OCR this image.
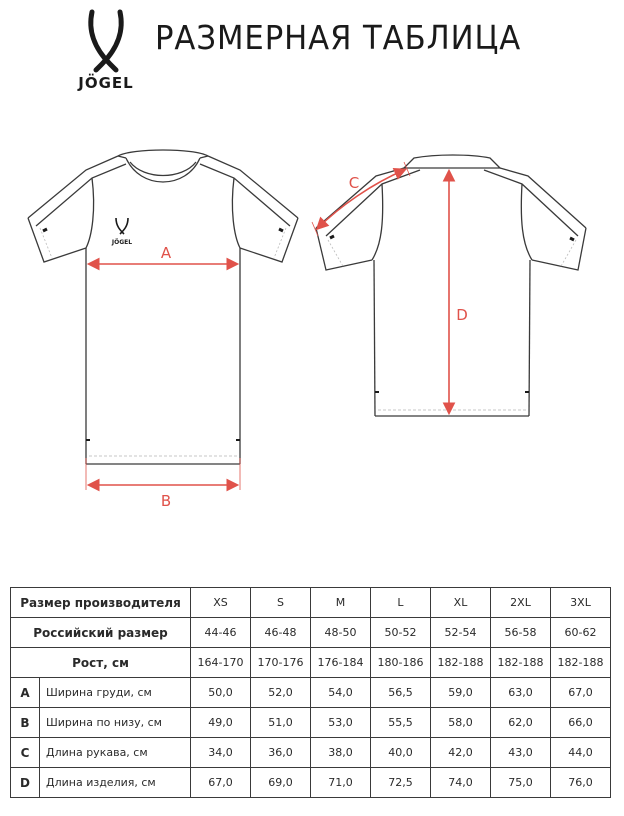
JÖGEL
РАЗМЕРНАЯ ТАБЛИЦА
JÖGEL
A
B
C
D
Размер производителя		XS	S	M	L	XL	2XL	3XL
Российский размер		44-46	46-48	48-50	50-52	52-54	56-58	60-62
Рост, см		164-170	170-176	176-184	180-186	182-188	182-188	182-188
A	Ширина груди, см	50,0	52,0	54,0	56,5	59,0	63,0	67,0
B	Ширина по низу, см	49,0	51,0	53,0	55,5	58,0	62,0	66,0
C	Длина рукава, см	34,0	36,0	38,0	40,0	42,0	43,0	44,0
D	Длина изделия, см	67,0	69,0	71,0	72,5	74,0	75,0	76,0
